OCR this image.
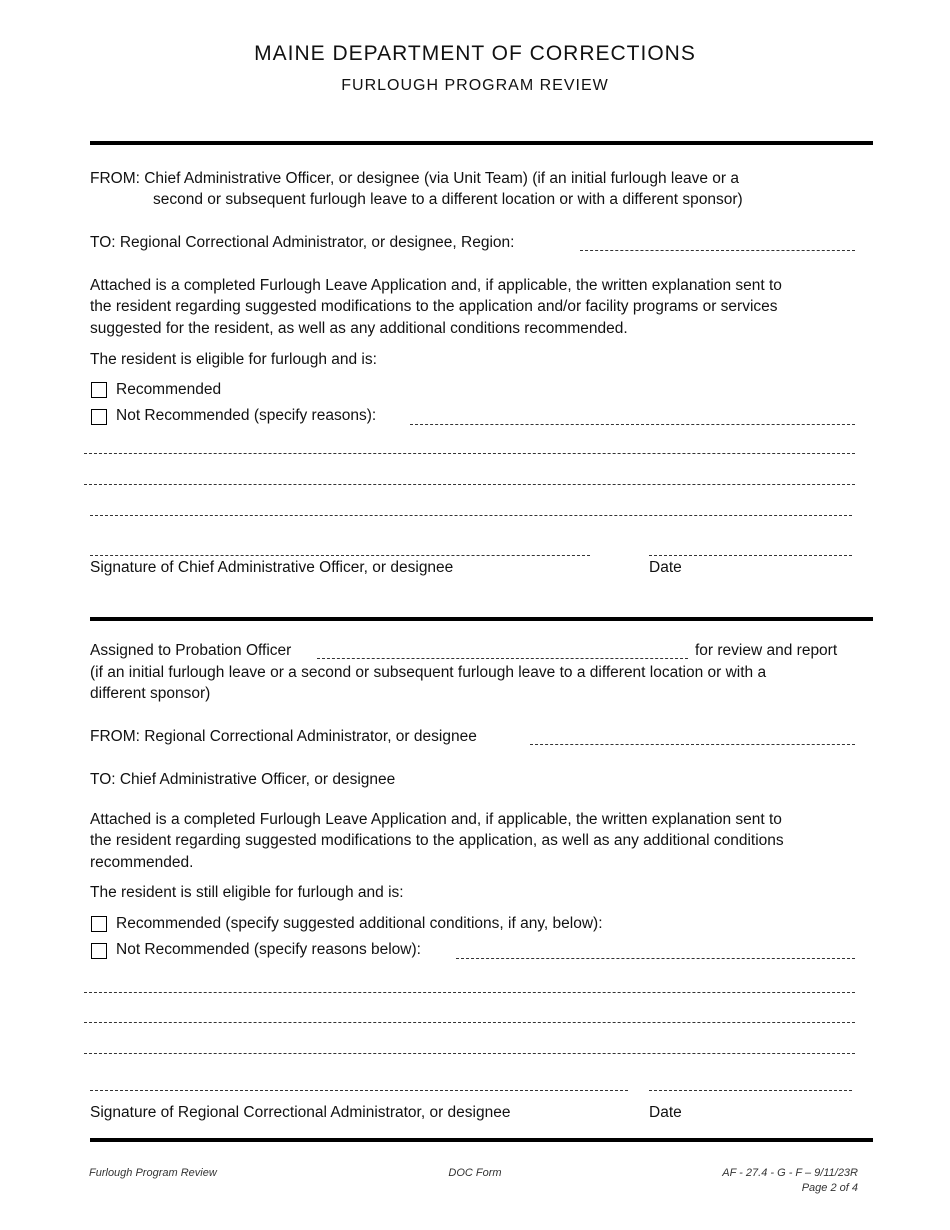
MAINE DEPARTMENT OF CORRECTIONS
FURLOUGH PROGRAM REVIEW
FROM: Chief Administrative Officer, or designee (via Unit Team) (if an initial furlough leave or a
second or subsequent furlough leave to a different location or with a different sponsor)
TO: Regional Correctional Administrator, or designee, Region:
Attached is a completed Furlough Leave Application and, if applicable, the written explanation sent to
the resident regarding suggested modifications to the application and/or facility programs or services
suggested for the resident, as well as any additional conditions recommended.
The resident is eligible for furlough and is:
Recommended
Not Recommended (specify reasons):
Signature of Chief Administrative Officer, or designee	Date
Assigned to Probation Officer	for review and report
(if an initial furlough leave or a second or subsequent furlough leave to a different location or with a
different sponsor)
FROM: Regional Correctional Administrator, or designee
TO: Chief Administrative Officer, or designee
Attached is a completed Furlough Leave Application and, if applicable, the written explanation sent to
the resident regarding suggested modifications to the application, as well as any additional conditions
recommended.
The resident is still eligible for furlough and is:
Recommended (specify suggested additional conditions, if any, below):
Not Recommended (specify reasons below):
Signature of Regional Correctional Administrator, or designee	Date
Furlough Program Review	DOC Form	AF - 27.4 - G - F – 9/11/23R
Page 2 of 4
